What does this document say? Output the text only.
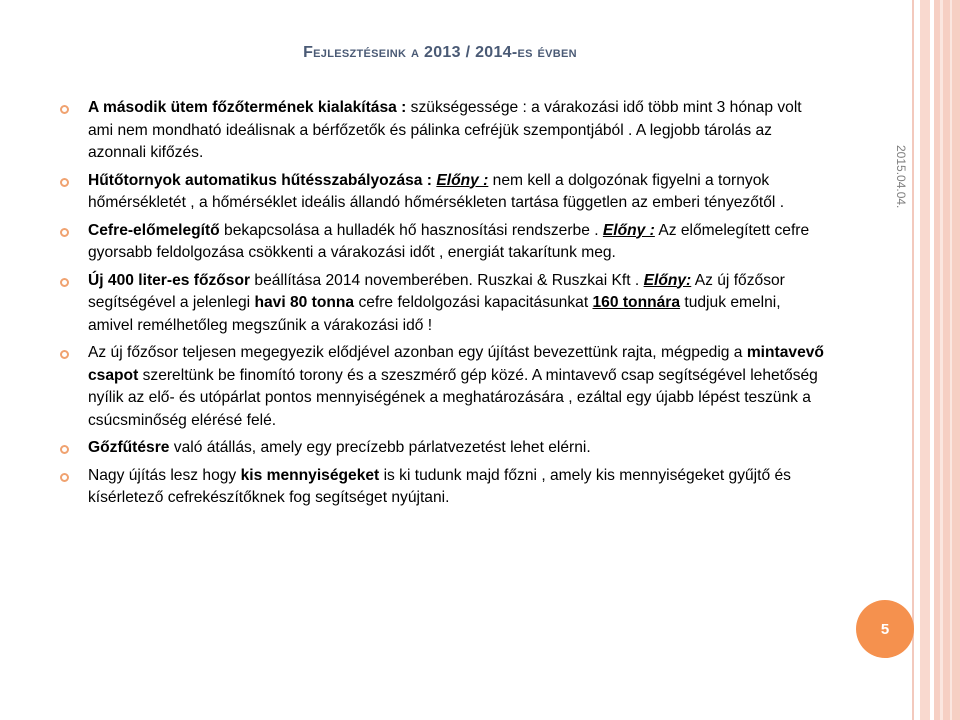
Fejlesztéseink a 2013 / 2014-es évben
2015.04.04.
A második ütem főzőtermének kialakítása : szükségessége : a várakozási idő több mint 3 hónap volt ami nem mondható ideálisnak a bérfőzetők és pálinka cefréjük szempontjából . A legjobb tárolás az azonnali kifőzés.
Hűtőtornyok automatikus hűtésszabályozása : Előny : nem kell a dolgozónak figyelni a tornyok hőmérsékletét , a hőmérséklet ideális állandó hőmérsékleten tartása független az emberi tényezőtől .
Cefre-előmelegítő bekapcsolása a hulladék hő hasznosítási rendszerbe . Előny : Az előmelegített cefre gyorsabb feldolgozása csökkenti a várakozási időt , energiát takarítunk meg.
Új 400 liter-es főzősor beállítása 2014 novemberében. Ruszkai & Ruszkai Kft . Előny: Az új főzősor segítségével a jelenlegi havi 80 tonna cefre feldolgozási kapacitásunkat 160 tonnára tudjuk emelni, amivel remélhetőleg megszűnik a várakozási idő !
Az új főzősor teljesen megegyezik elődjével azonban egy újítást bevezettünk rajta, mégpedig a mintavevő csapot szereltünk be finomító torony és a szeszmérő gép közé. A mintavevő csap segítségével lehetőség nyílik az elő- és utópárlat pontos mennyiségének a meghatározására , ezáltal egy újabb lépést teszünk a csúcsminőség elérésé felé.
Gőzfűtésre való átállás, amely egy precízebb párlatvezetést lehet elérni.
Nagy újítás lesz hogy kis mennyiségeket is ki tudunk majd főzni , amely kis mennyiségeket gyűjtő és kísérletező cefrekészítőknek fog segítséget nyújtani.
5
